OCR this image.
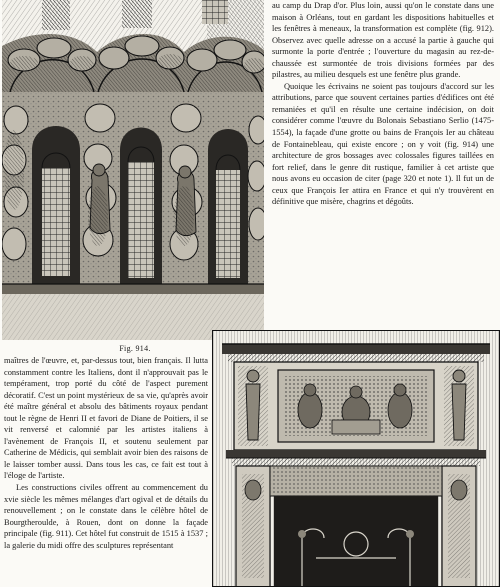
Fig. 914.

au camp du Drap d'or. Plus loin, aussi qu'on le constate dans une maison à Orléans, tout en gardant les dispositions habituelles et les fenêtres à meneaux, la transformation est complète (fig. 912). Observez avec quelle adresse on a accusé la partie à gauche qui surmonte la porte d'entrée ; l'ouverture du magasin au rez-de-chaussée est surmontée de trois divisions formées par des pilastres, au milieu desquels est une fenêtre plus grande.

Quoique les écrivains ne soient pas toujours d'accord sur les attributions, parce que souvent certaines parties d'édifices ont été remaniées et qu'il en résulte une certaine indécision, on doit considérer comme l'œuvre du Bolonais Sebastiano Serlio (1475-1554), la façade d'une grotte ou bains de François Ier au château de Fontainebleau, qui existe encore ; on y voit (fig. 914) une architecture de gros bossages avec colossales figures taillées en fort relief, dans le genre dit rustique, familier à cet artiste que nous avons eu occasion de citer (page 320 et note 1). Il fut un de ceux que François Ier attira en France et qui n'y trouvèrent en définitive que misère, chagrins et dégoûts.

maîtres de l'œuvre, et, par-dessus tout, bien français. Il lutta constamment contre les Italiens, dont il n'approuvait pas le tempérament, trop porté du côté de l'aspect purement décoratif. C'est un point mystérieux de sa vie, qu'après avoir été maître général et absolu des bâtiments royaux pendant tout le règne de Henri II et favori de Diane de Poitiers, il se vit renversé et calomnié par les artistes italiens à l'avènement de François II, et soutenu seulement par Catherine de Médicis, qui semblait avoir bien des raisons de le laisser tomber aussi. Dans tous les cas, ce fait est tout à l'éloge de l'artiste.

Les constructions civiles offrent au commencement du xvie siècle les mêmes mélanges d'art ogival et de détails du renouvellement ; on le constate dans le célèbre hôtel de Bourgtheroulde, à Rouen, dont on donne la façade principale (fig. 911). Cet hôtel fut construit de 1515 à 1537 ; la galerie du midi offre des sculptures représentant
